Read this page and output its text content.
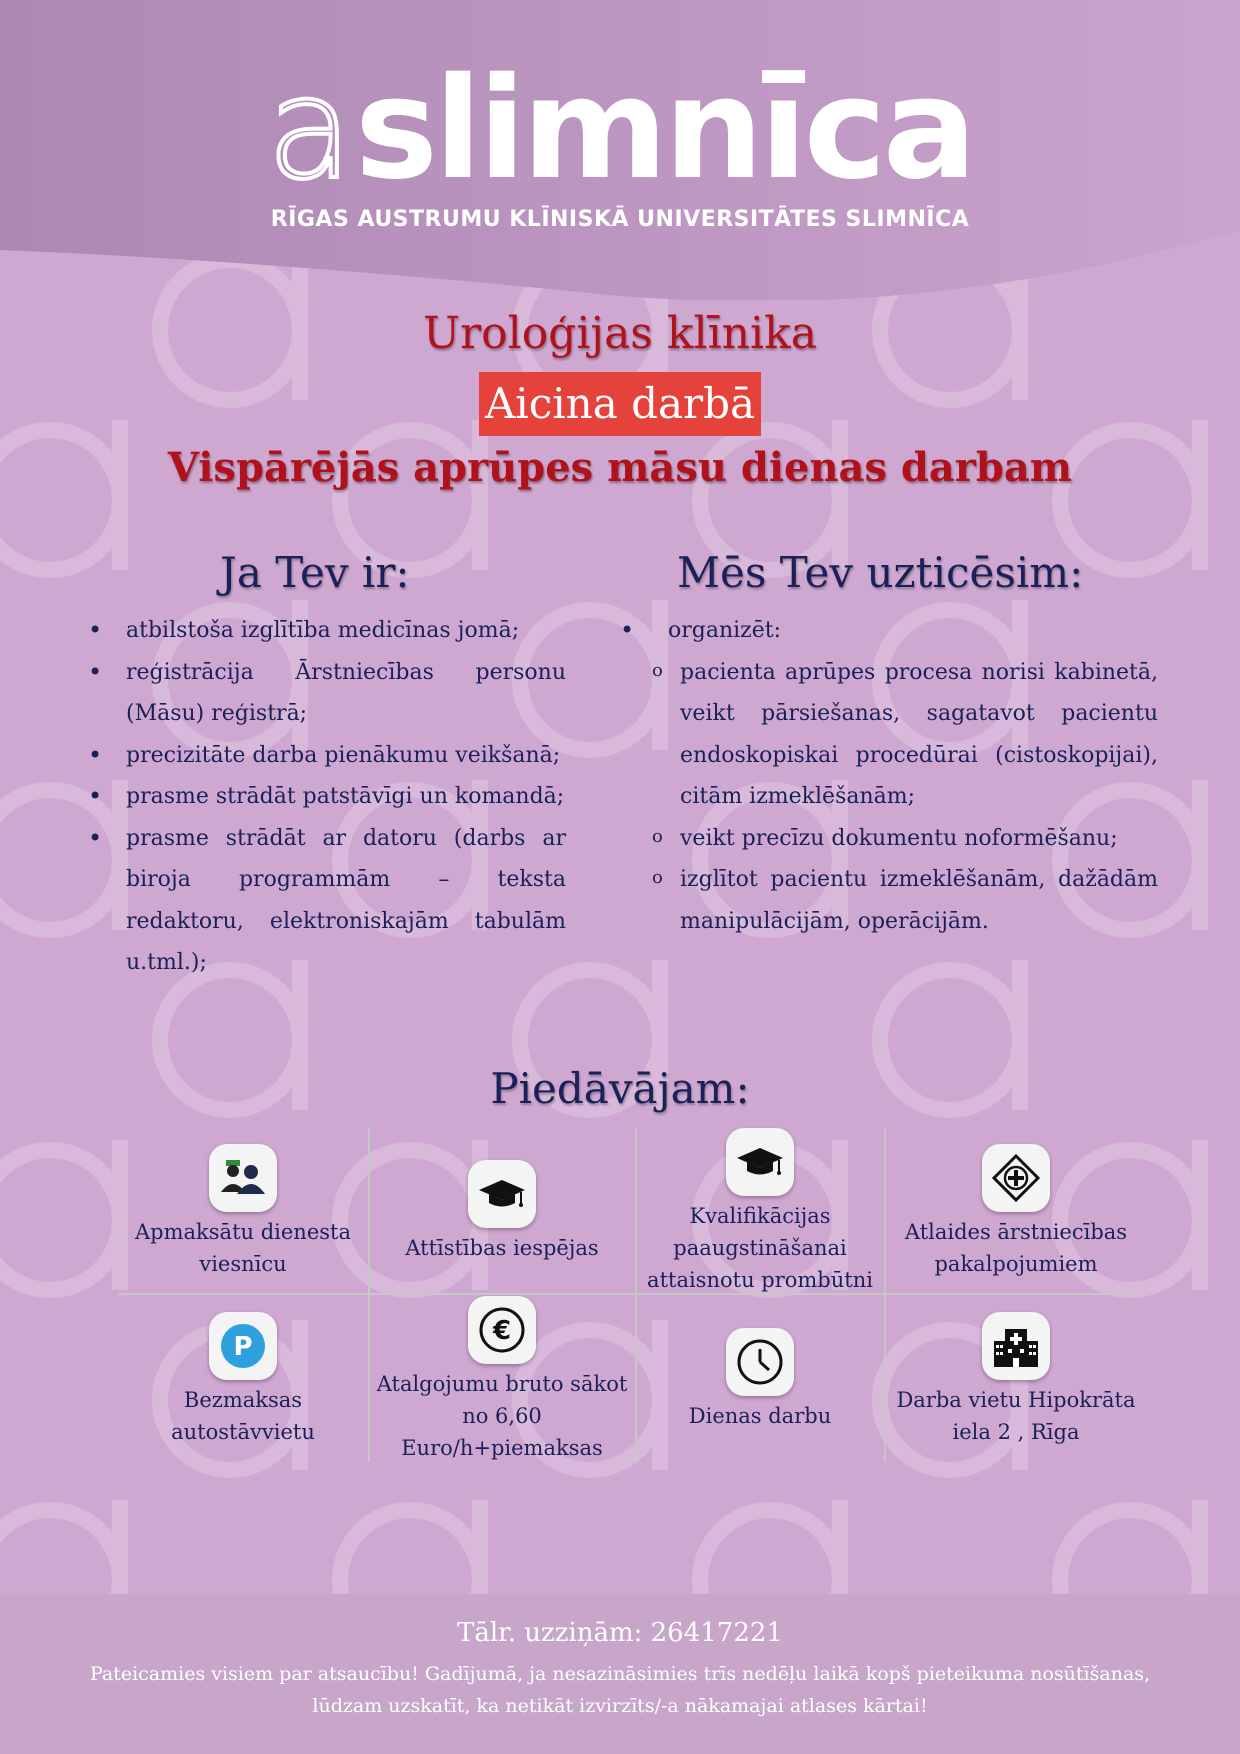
aslimnīca
RĪGAS AUSTRUMU KLĪNISKĀ UNIVERSITĀTES SLIMNĪCA
Uroloģijas klīnika
Aicina darbā
Vispārējās aprūpes māsu dienas darbam
Ja Tev ir:
• atbilstoša izglītība medicīnas jomā;
• reģistrācija Ārstniecības personu (Māsu) reģistrā;
• precizitāte darba pienākumu veikšanā;
• prasme strādāt patstāvīgi un komandā;
• prasme strādāt ar datoru (darbs ar biroja programmām – teksta redaktoru, elektroniskajām tabulām u.tml.);
Mēs Tev uzticēsim:
• organizēt:
o pacienta aprūpes procesa norisi kabinetā, veikt pārsiešanas, sagatavot pacientu endoskopiskai procedūrai (cistoskopijai), citām izmeklēšanām;
o veikt precīzu dokumentu noformēšanu;
o izglītot pacientu izmeklēšanām, dažādām manipulācijām, operācijām.
Piedāvājam:
Apmaksātu dienesta viesnīcu
Attīstības iespējas
Kvalifikācijas paaugstināšanai attaisnotu prombūtni
Atlaides ārstniecības pakalpojumiem
P
Bezmaksas autostāvvietu
€
Atalgojumu bruto sākot no 6,60 Euro/h+piemaksas
Dienas darbu
Darba vietu Hipokrāta iela 2 , Rīga
Tālr. uzziņām: 26417221
Pateicamies visiem par atsaucību! Gadījumā, ja nesazināsimies trīs nedēļu laikā kopš pieteikuma nosūtīšanas, lūdzam uzskatīt, ka netikāt izvirzīts/-a nākamajai atlases kārtai!
